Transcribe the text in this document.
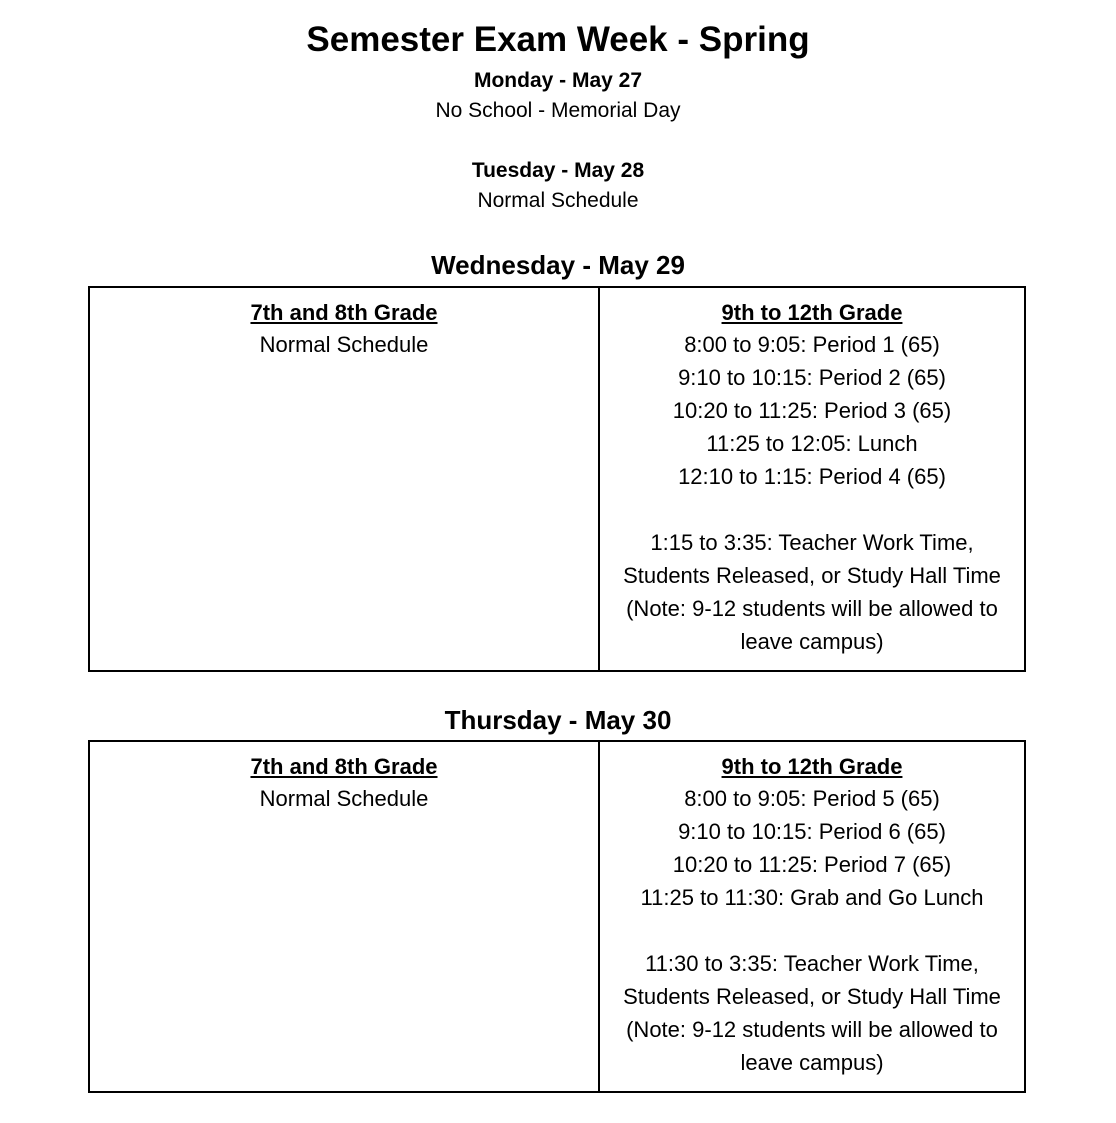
Semester Exam Week - Spring
Monday - May 27
No School - Memorial Day
Tuesday - May 28
Normal Schedule
Wednesday - May 29
7th and 8th Grade
Normal Schedule

9th to 12th Grade
8:00 to 9:05: Period 1 (65)
9:10 to 10:15: Period 2 (65)
10:20 to 11:25: Period 3 (65)
11:25 to 12:05: Lunch
12:10 to 1:15: Period 4 (65)
1:15 to 3:35: Teacher Work Time,
Students Released, or Study Hall Time
(Note: 9-12 students will be allowed to
leave campus)
Thursday - May 30
7th and 8th Grade
Normal Schedule

9th to 12th Grade
8:00 to 9:05: Period 5 (65)
9:10 to 10:15: Period 6 (65)
10:20 to 11:25: Period 7 (65)
11:25 to 11:30: Grab and Go Lunch
11:30 to 3:35: Teacher Work Time,
Students Released, or Study Hall Time
(Note: 9-12 students will be allowed to
leave campus)
